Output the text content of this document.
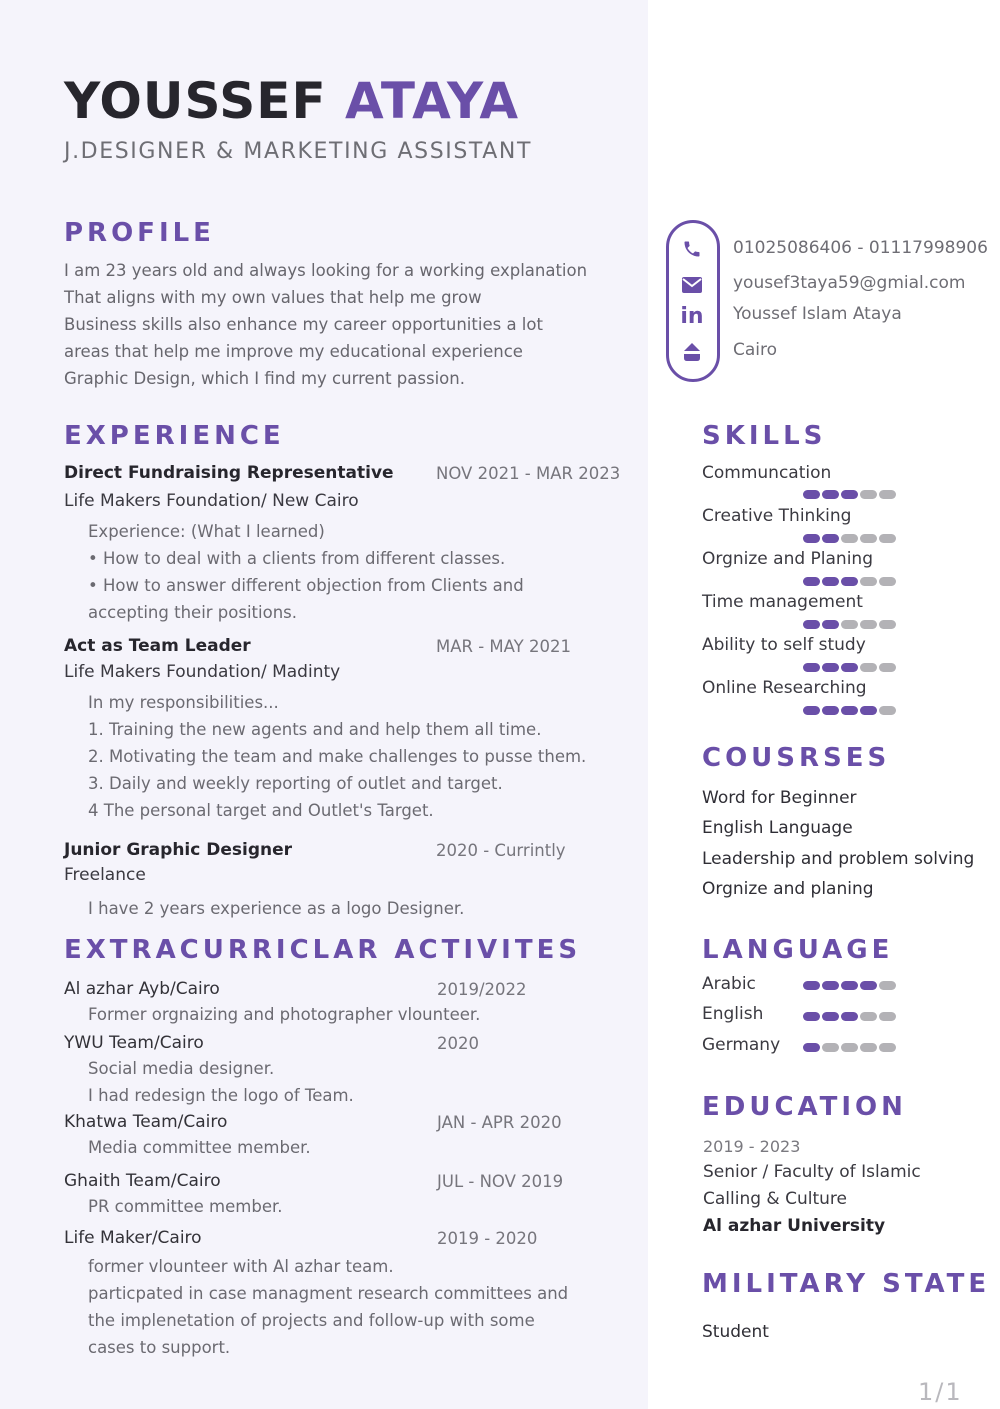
YOUSSEF ATAYA
J.DESIGNER & MARKETING ASSISTANT
PROFILE
I am 23 years old and always looking for a working explanation
That aligns with my own values that help me grow
Business skills also enhance my career opportunities a lot
areas that help me improve my educational experience
Graphic Design, which I find my current passion.
EXPERIENCE
Direct Fundraising Representative	NOV 2021 - MAR 2023
Life Makers Foundation/ New Cairo
Experience: (What I learned)
• How to deal with a clients from different classes.
• How to answer different objection from Clients and
accepting their positions.
Act as Team Leader	MAR - MAY 2021
Life Makers Foundation/ Madinty
In my responsibilities...
1. Training the new agents and and help them all time.
2. Motivating the team and make challenges to pusse them.
3. Daily and weekly reporting of outlet and target.
4 The personal target and Outlet's Target.
Junior Graphic Designer	2020 - Currintly
Freelance
I have 2 years experience as a logo Designer.
EXTRACURRICLAR ACTIVITES
Al azhar Ayb/Cairo	2019/2022
Former orgnaizing and photographer vlounteer.
YWU Team/Cairo	2020
Social media designer.
I had redesign the logo of Team.
Khatwa Team/Cairo	JAN - APR 2020
Media committee member.
Ghaith Team/Cairo	JUL - NOV 2019
PR committee member.
Life Maker/Cairo	2019 - 2020
former vlounteer with Al azhar team.
particpated in case managment research committees and
the implenetation of projects and follow-up with some
cases to support.
in
01025086406 - 01117998906
yousef3taya59@gmial.com
Youssef Islam Ataya
Cairo
SKILLS
Communcation
Creative Thinking
Orgnize and Planing
Time management
Ability to self study
Online Researching
COUSRSES
Word for Beginner
English Language
Leadership and problem solving
Orgnize and planing
LANGUAGE
Arabic
English
Germany
EDUCATION
2019 - 2023
Senior / Faculty of Islamic
Calling & Culture
Al azhar University
MILITARY STATE
Student
1/1
